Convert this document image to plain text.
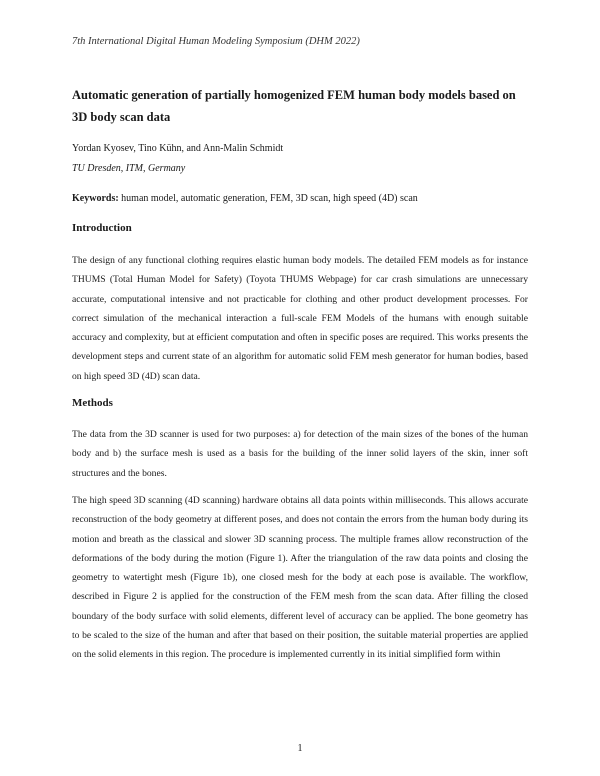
7th International Digital Human Modeling Symposium (DHM 2022)
Automatic generation of partially homogenized FEM human body models based on 3D body scan data
Yordan Kyosev, Tino Kühn, and Ann-Malin Schmidt
TU Dresden, ITM, Germany
Keywords: human model, automatic generation, FEM, 3D scan, high speed (4D) scan
Introduction
The design of any functional clothing requires elastic human body models. The detailed FEM models as for instance THUMS (Total Human Model for Safety) (Toyota THUMS Webpage) for car crash simulations are unnecessary accurate, computational intensive and not practicable for clothing and other product development processes. For correct simulation of the mechanical interaction a full-scale FEM Models of the humans with enough suitable accuracy and complexity, but at efficient computation and often in specific poses are required. This works presents the development steps and current state of an algorithm for automatic solid FEM mesh generator for human bodies, based on high speed 3D (4D) scan data.
Methods
The data from the 3D scanner is used for two purposes: a) for detection of the main sizes of the bones of the human body and b) the surface mesh is used as a basis for the building of the inner solid layers of the skin, inner soft structures and the bones.
The high speed 3D scanning (4D scanning) hardware obtains all data points within milliseconds. This allows accurate reconstruction of the body geometry at different poses, and does not contain the errors from the human body during its motion and breath as the classical and slower 3D scanning process. The multiple frames allow reconstruction of the deformations of the body during the motion (Figure 1). After the triangulation of the raw data points and closing the geometry to watertight mesh (Figure 1b), one closed mesh for the body at each pose is available. The workflow, described in Figure 2 is applied for the construction of the FEM mesh from the scan data. After filling the closed boundary of the body surface with solid elements, different level of accuracy can be applied. The bone geometry has to be scaled to the size of the human and after that based on their position, the suitable material properties are applied on the solid elements in this region. The procedure is implemented currently in its initial simplified form within
1
